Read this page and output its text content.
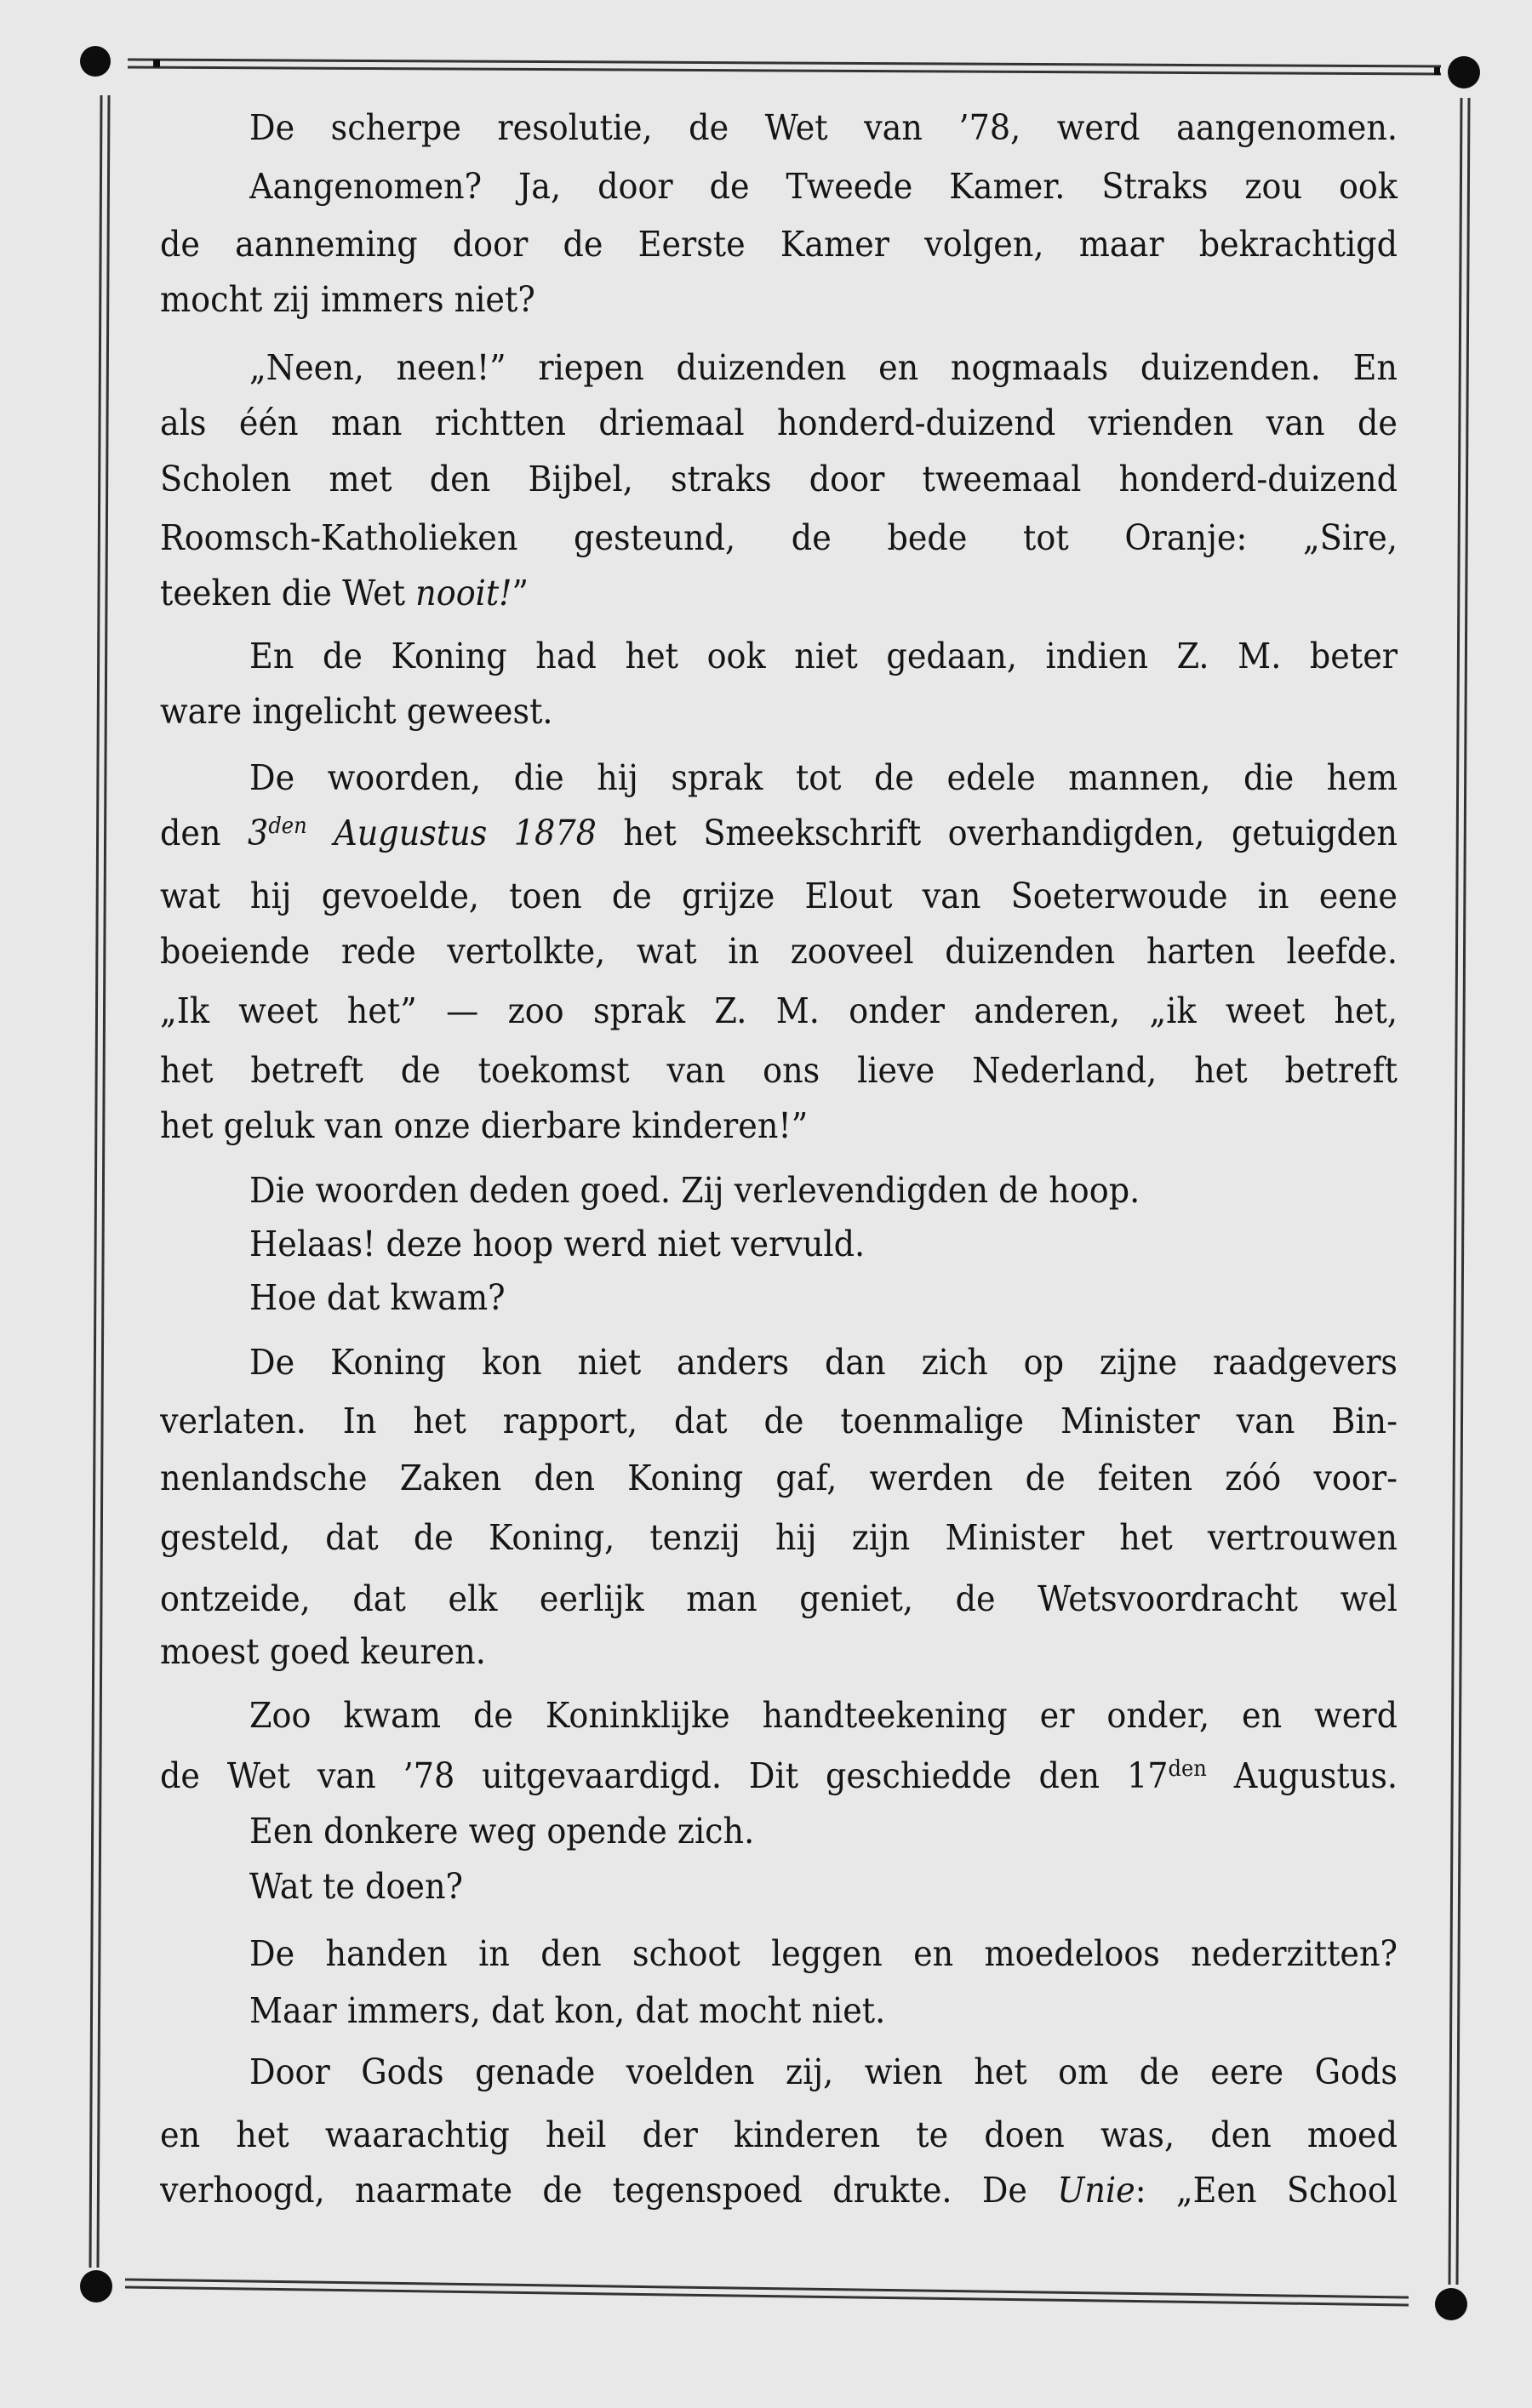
De scherpe resolutie, de Wet van ’78, werd aangenomen.
Aangenomen? Ja, door de Tweede Kamer. Straks zou ook
de aanneming door de Eerste Kamer volgen, maar bekrachtigd
mocht zij immers niet?
„Neen, neen!” riepen duizenden en nogmaals duizenden. En
als één man richtten driemaal honderd-duizend vrienden van de
Scholen met den Bijbel, straks door tweemaal honderd-duizend
Roomsch-Katholieken gesteund, de bede tot Oranje: „Sire,
teeken die Wet nooit!”
En de Koning had het ook niet gedaan, indien Z. M. beter
ware ingelicht geweest.
De woorden, die hij sprak tot de edele mannen, die hem
den $3^{den}$ Augustus 1878 het Smeekschrift overhandigden, getuigden
wat hij gevoelde, toen de grijze Elout van Soeterwoude in eene
boeiende rede vertolkte, wat in zooveel duizenden harten leefde.
„Ik weet het” — zoo sprak Z. M. onder anderen, „ik weet het,
het betreft de toekomst van ons lieve Nederland, het betreft
het geluk van onze dierbare kinderen!”
Die woorden deden goed. Zij verlevendigden de hoop.
Helaas! deze hoop werd niet vervuld.
Hoe dat kwam?
De Koning kon niet anders dan zich op zijne raadgevers
verlaten. In het rapport, dat de toenmalige Minister van Bin-
nenlandsche Zaken den Koning gaf, werden de feiten zóó voor-
gesteld, dat de Koning, tenzij hij zijn Minister het vertrouwen
ontzeide, dat elk eerlijk man geniet, de Wetsvoordracht wel
moest goed keuren.
Zoo kwam de Koninklijke handteekening er onder, en werd
de Wet van ’78 uitgevaardigd. Dit geschiedde den $17^{den}$ Augustus.
Een donkere weg opende zich.
Wat te doen?
De handen in den schoot leggen en moedeloos nederzitten?
Maar immers, dat kon, dat mocht niet.
Door Gods genade voelden zij, wien het om de eere Gods
en het waarachtig heil der kinderen te doen was, den moed
verhoogd, naarmate de tegenspoed drukte. De Unie: „Een School
